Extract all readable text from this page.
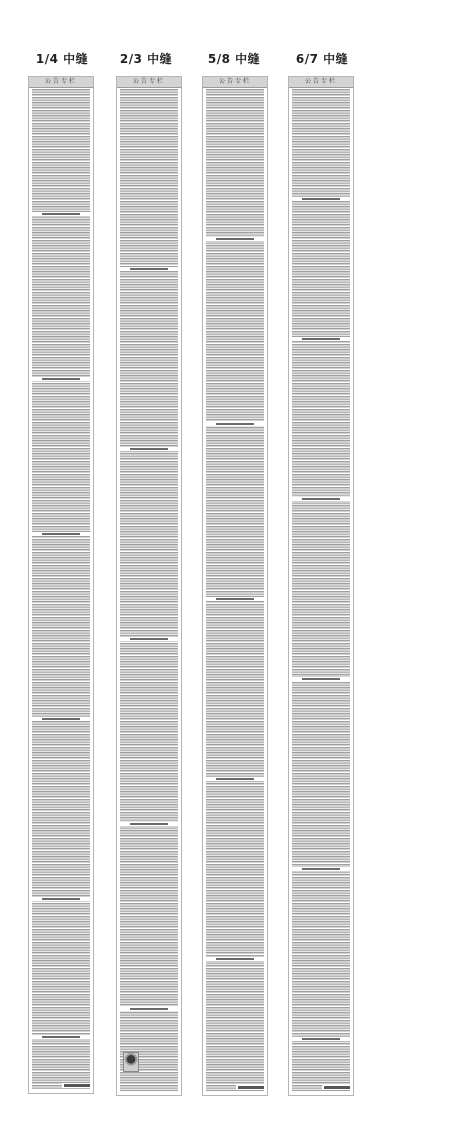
1/4 中缝
公告专栏
2/3 中缝
公告专栏
5/8 中缝
公告专栏
6/7 中缝
公告专栏
